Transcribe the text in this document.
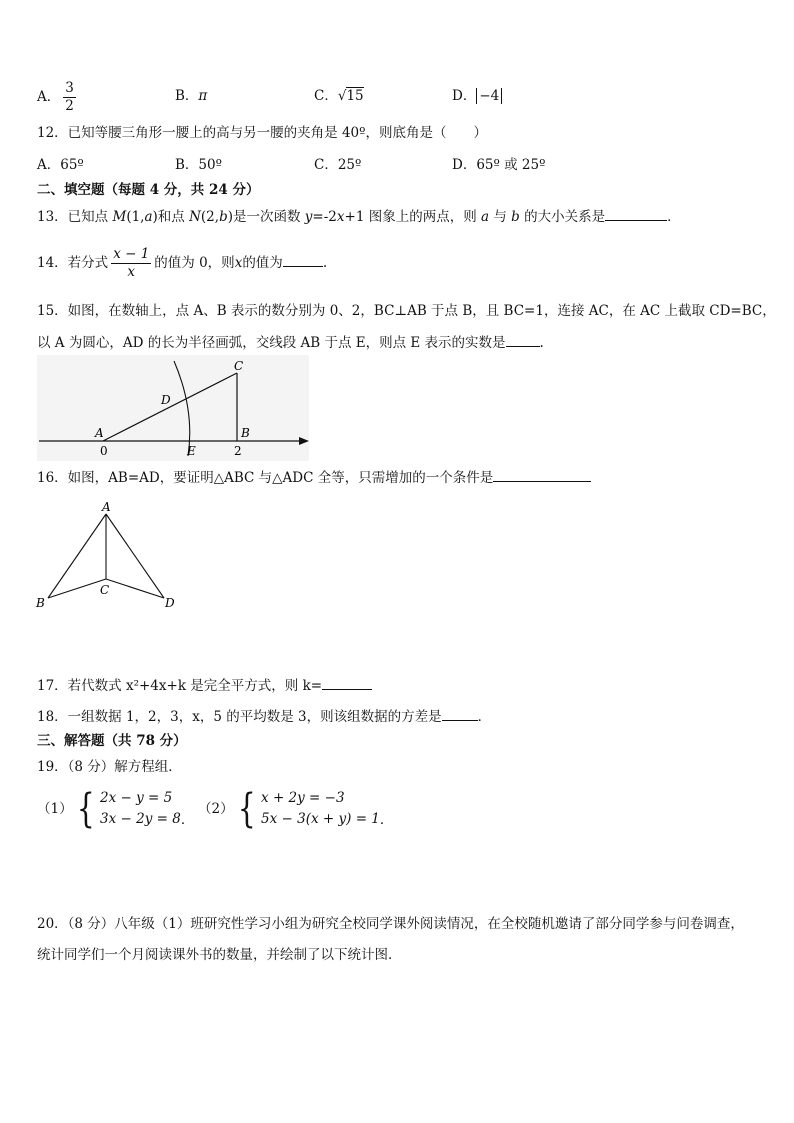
A． $\frac{3}{2}$	B．π	C．√15	D． −4
12．已知等腰三角形一腰上的高与另一腰的夹角是 40º，则底角是（　　）
A．65º	B．50º	C．25º	D．65º 或 25º
二、填空题（每题 4 分，共 24 分）
13．已知点 M(1,a)和点 N(2,b)是一次函数 y=-2x+1 图象上的两点，则 a 与 b 的大小关系是	．
14．若分式 $\frac{x - 1}{x}$ 的值为 0，则x的值为	.
15．如图，在数轴上，点 A、B 表示的数分别为 0、2，BC⊥AB 于点 B，且 BC=1，连接 AC，在 AC 上截取 CD=BC，
以 A 为圆心，AD 的长为半径画弧，交线段 AB 于点 E，则点 E 表示的实数是	.
A	B
C
D
E
0	2
16．如图，AB=AD，要证明△ABC 与△ADC 全等，只需增加的一个条件是
A
B
C
D
17．若代数式 x²+4x+k 是完全平方式，则 k=
18．一组数据 1，2，3，x，5 的平均数是 3，则该组数据的方差是	．
三、解答题（共 78 分）
19．（8 分）解方程组．
（1）{ 2x − y = 5
3x − 2y = 8 ．
（2）{ x + 2y = −3
5x − 3(x + y) = 1 ．
20．（8 分）八年级（1）班研究性学习小组为研究全校同学课外阅读情况，在全校随机邀请了部分同学参与问卷调查，
统计同学们一个月阅读课外书的数量，并绘制了以下统计图．
